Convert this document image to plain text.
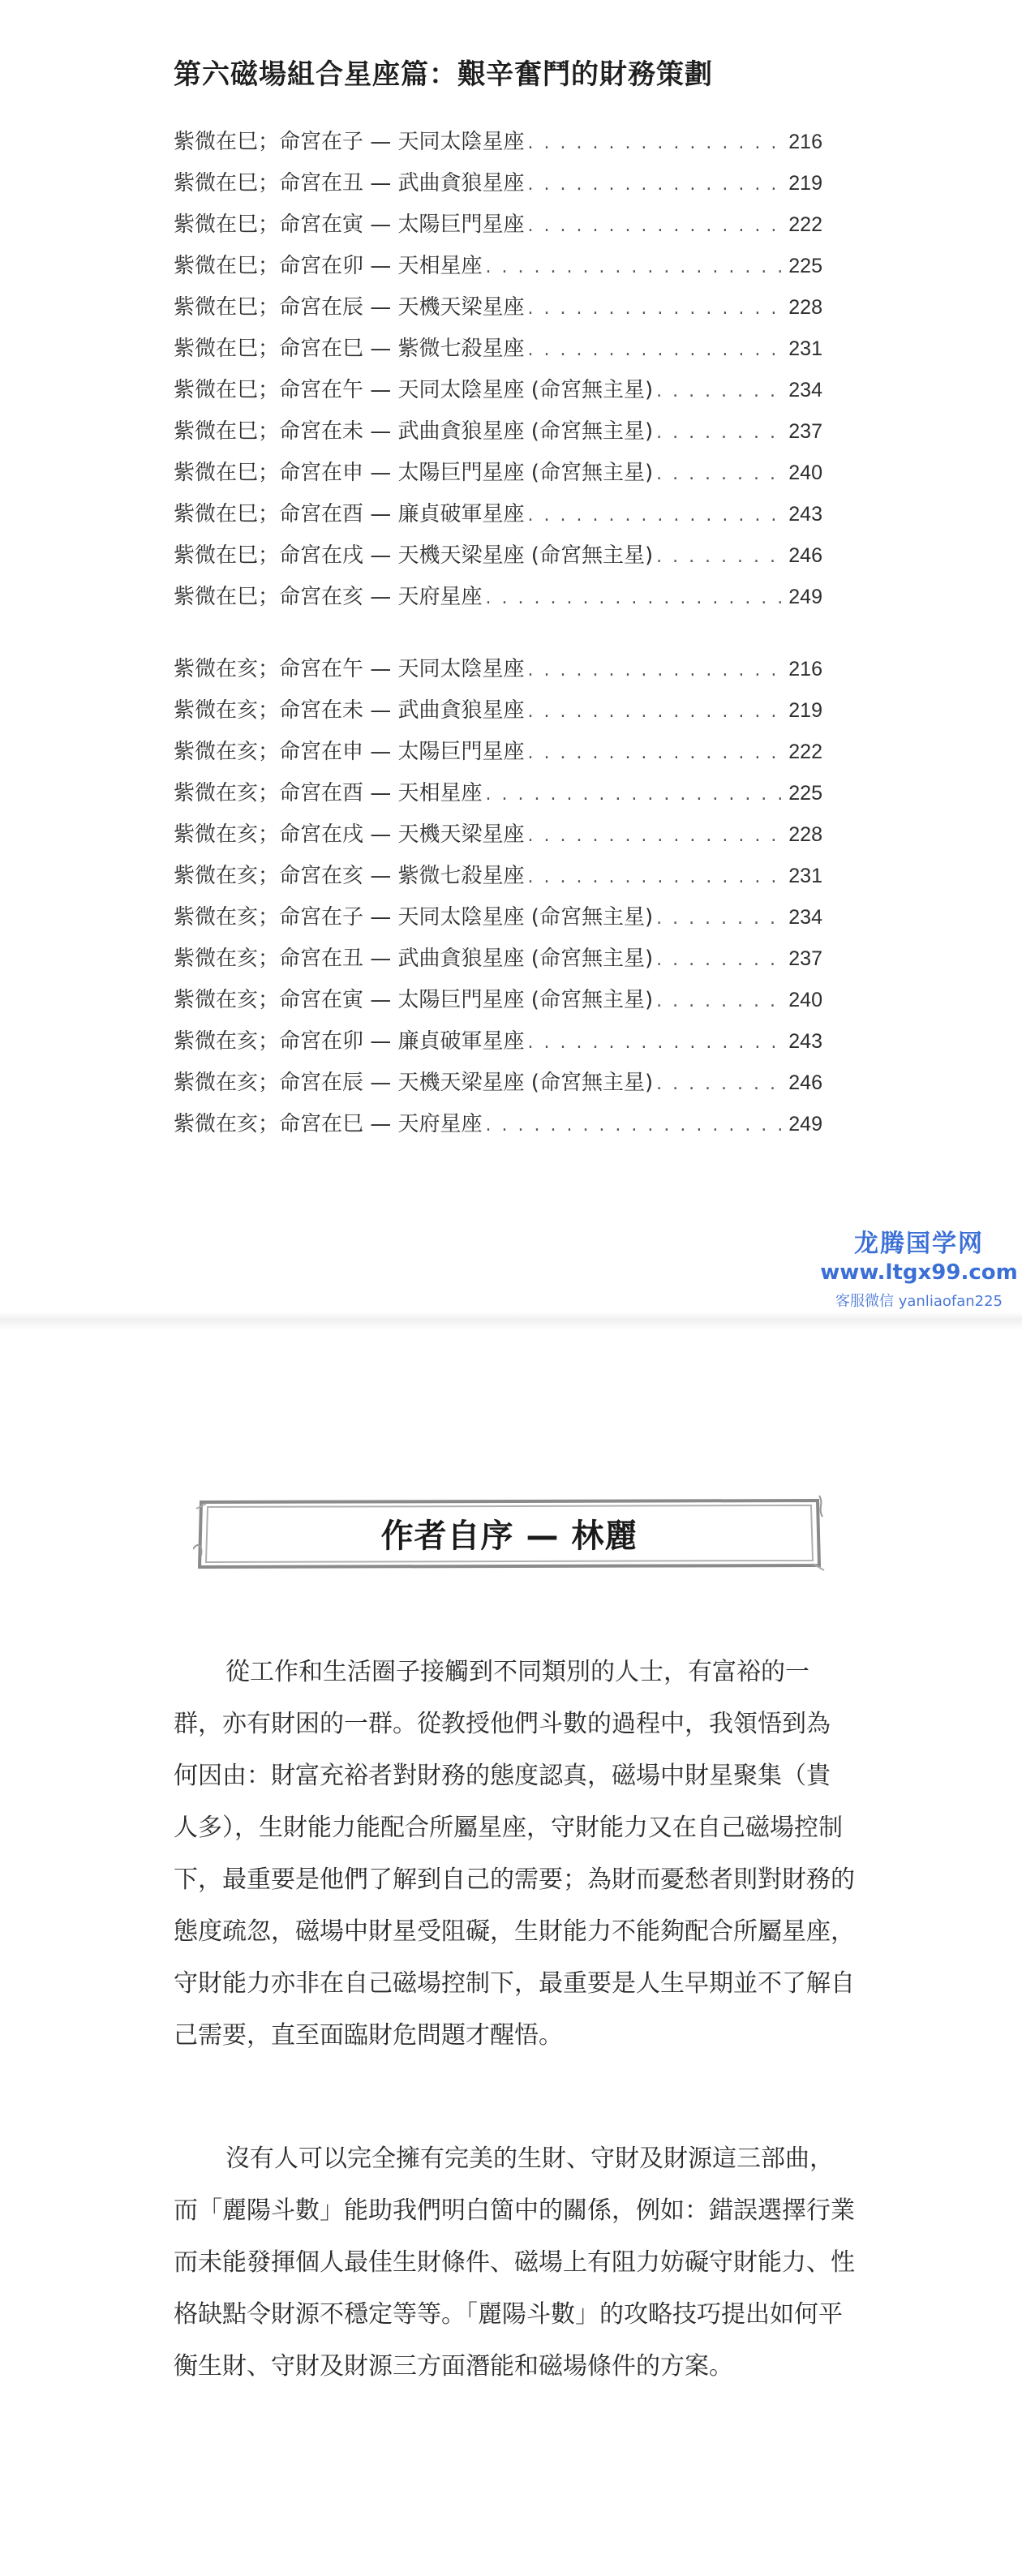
第六磁場組合星座篇：艱辛奮鬥的財務策劃
紫微在巳；命宮在子 — 天同太陰星座 . . .	216
紫微在巳；命宮在丑 — 武曲貪狼星座 . . .	219
紫微在巳；命宮在寅 — 太陽巨門星座 . . .	222
紫微在巳；命宮在卯 — 天相星座 . . .	225
紫微在巳；命宮在辰 — 天機天梁星座 . . .	228
紫微在巳；命宮在巳 — 紫微七殺星座 . . .	231
紫微在巳；命宮在午 — 天同太陰星座 (命宮無主星) . . .	234
紫微在巳；命宮在未 — 武曲貪狼星座 (命宮無主星) . . .	237
紫微在巳；命宮在申 — 太陽巨門星座 (命宮無主星) . . .	240
紫微在巳；命宮在酉 — 廉貞破軍星座 . . .	243
紫微在巳；命宮在戌 — 天機天梁星座 (命宮無主星) . . .	246
紫微在巳；命宮在亥 — 天府星座 . . .	249
紫微在亥；命宮在午 — 天同太陰星座 . . .	216
紫微在亥；命宮在未 — 武曲貪狼星座 . . .	219
紫微在亥；命宮在申 — 太陽巨門星座 . . .	222
紫微在亥；命宮在酉 — 天相星座 . . .	225
紫微在亥；命宮在戌 — 天機天梁星座 . . .	228
紫微在亥；命宮在亥 — 紫微七殺星座 . . .	231
紫微在亥；命宮在子 — 天同太陰星座 (命宮無主星) . . .	234
紫微在亥；命宮在丑 — 武曲貪狼星座 (命宮無主星) . . .	237
紫微在亥；命宮在寅 — 太陽巨門星座 (命宮無主星) . . .	240
紫微在亥；命宮在卯 — 廉貞破軍星座 . . .	243
紫微在亥；命宮在辰 — 天機天梁星座 (命宮無主星) . . .	246
紫微在亥；命宮在巳 — 天府星座 . . .	249
龙腾国学网
www.ltgx99.com
客服微信 yanliaofan225
作者自序 — 林麗
從工作和生活圈子接觸到不同類別的人士，有富裕的一
群，亦有財困的一群。從教授他們斗數的過程中，我領悟到為
何因由：財富充裕者對財務的態度認真，磁場中財星聚集（貴
人多），生財能力能配合所屬星座，守財能力又在自己磁場控制
下，最重要是他們了解到自己的需要；為財而憂愁者則對財務的
態度疏忽，磁場中財星受阻礙，生財能力不能夠配合所屬星座，
守財能力亦非在自己磁場控制下，最重要是人生早期並不了解自
己需要，直至面臨財危問題才醒悟。
沒有人可以完全擁有完美的生財、守財及財源這三部曲，
而「麗陽斗數」能助我們明白箇中的關係，例如：錯誤選擇行業
而未能發揮個人最佳生財條件、磁場上有阻力妨礙守財能力、性
格缺點令財源不穩定等等。「麗陽斗數」的攻略技巧提出如何平
衡生財、守財及財源三方面潛能和磁場條件的方案。
